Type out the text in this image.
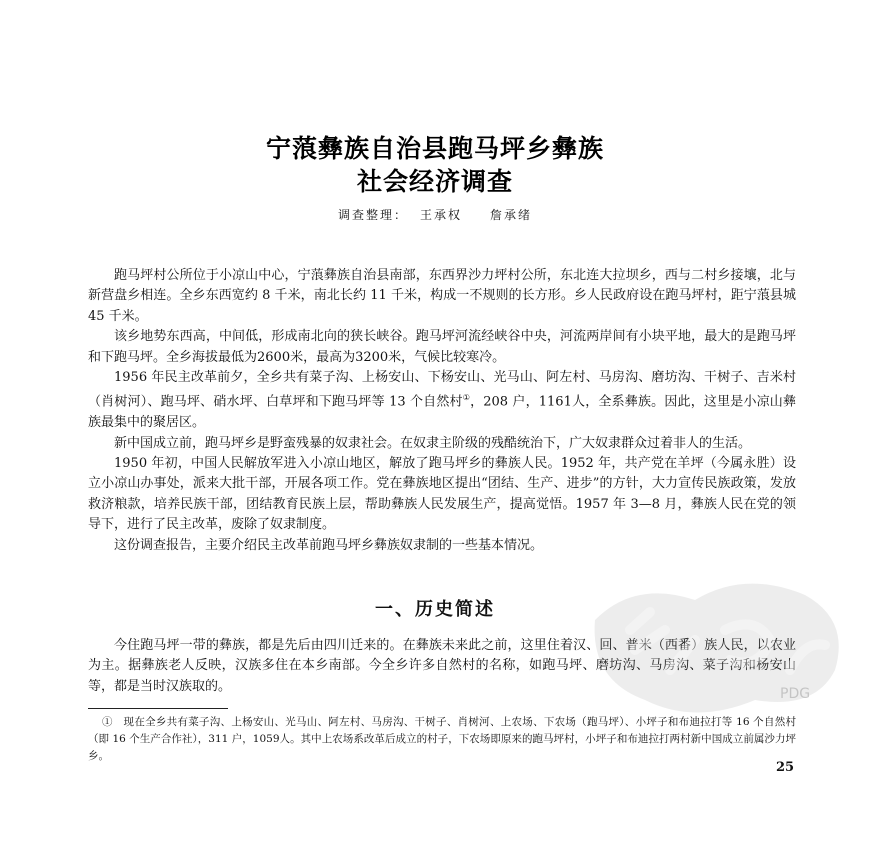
宁蒗彝族自治县跑马坪乡彝族
社会经济调查
调查整理： 王承权 詹承绪

跑马坪村公所位于小凉山中心，宁蒗彝族自治县南部，东西界沙力坪村公所，东北连大拉坝乡，西与二村乡接壤，北与新营盘乡相连。全乡东西宽约 8 千米，南北长约 11 千米，构成一不规则的长方形。乡人民政府设在跑马坪村，距宁蒗县城 45 千米。

该乡地势东西高，中间低，形成南北向的狭长峡谷。跑马坪河流经峡谷中央，河流两岸间有小块平地，最大的是跑马坪和下跑马坪。全乡海拔最低为2600米，最高为3200米，气候比较寒冷。

1956 年民主改革前夕，全乡共有菜子沟、上杨安山、下杨安山、光马山、阿左村、马房沟、磨坊沟、干树子、吉米村（肖树河）、跑马坪、硝水坪、白草坪和下跑马坪等 13 个自然村①，208 户，1161人，全系彝族。因此，这里是小凉山彝族最集中的聚居区。

新中国成立前，跑马坪乡是野蛮残暴的奴隶社会。在奴隶主阶级的残酷统治下，广大奴隶群众过着非人的生活。

1950 年初，中国人民解放军进入小凉山地区，解放了跑马坪乡的彝族人民。1952 年，共产党在羊坪（今属永胜）设立小凉山办事处，派来大批干部，开展各项工作。党在彝族地区提出“团结、生产、进步”的方针，大力宣传民族政策，发放救济粮款，培养民族干部，团结教育民族上层，帮助彝族人民发展生产，提高觉悟。1957 年 3—8 月，彝族人民在党的领导下，进行了民主改革，废除了奴隶制度。

这份调查报告，主要介绍民主改革前跑马坪乡彝族奴隶制的一些基本情况。

一、历史简述

今住跑马坪一带的彝族，都是先后由四川迁来的。在彝族未来此之前，这里住着汉、回、普米（西番）族人民，以农业为主。据彝族老人反映，汉族多住在本乡南部。今全乡许多自然村的名称，如跑马坪、磨坊沟、马房沟、菜子沟和杨安山等，都是当时汉族取的。

①　现在全乡共有菜子沟、上杨安山、光马山、阿左村、马房沟、干树子、肖树河、上农场、下农场（跑马坪）、小坪子和布迪拉打等 16 个自然村（即 16 个生产合作社），311 户，1059人。其中上农场系改革后成立的村子，下农场即原来的跑马坪村，小坪子和布迪拉打两村新中国成立前属沙力坪乡。

25
PDG
